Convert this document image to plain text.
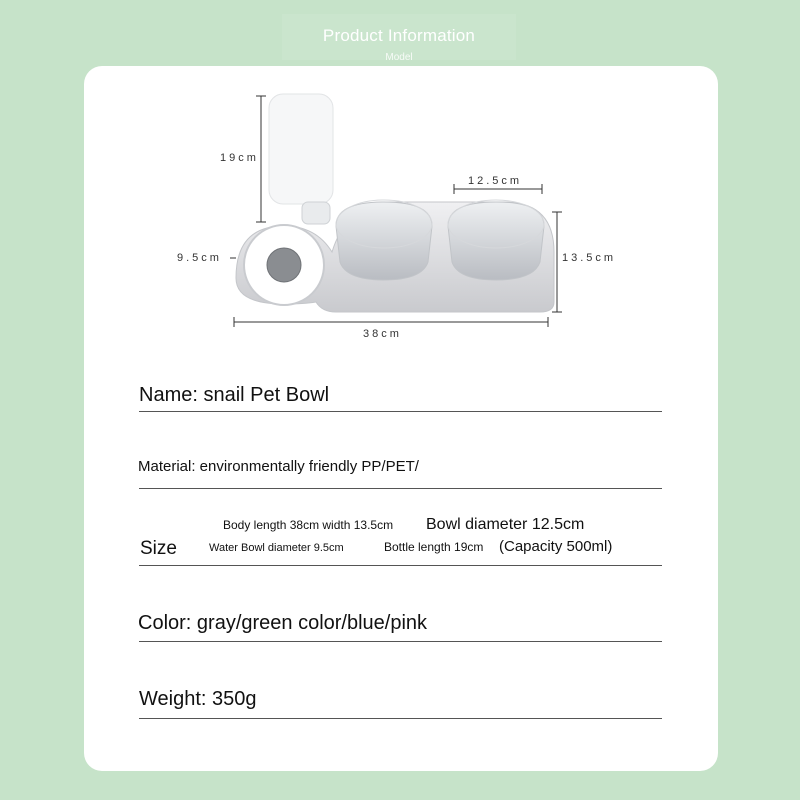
Product Information
Model
19cm
12.5cm
9.5cm	13.5cm
38cm
Name: snail Pet Bowl
Material: environmentally friendly PP/PET/
Body length 38cm width 13.5cm Bowl diameter 12.5cm
Size	Water Bowl diameter 9.5cm	Bottle length 19cm (Capacity 500ml)
Color: gray/green color/blue/pink
Weight: 350g
